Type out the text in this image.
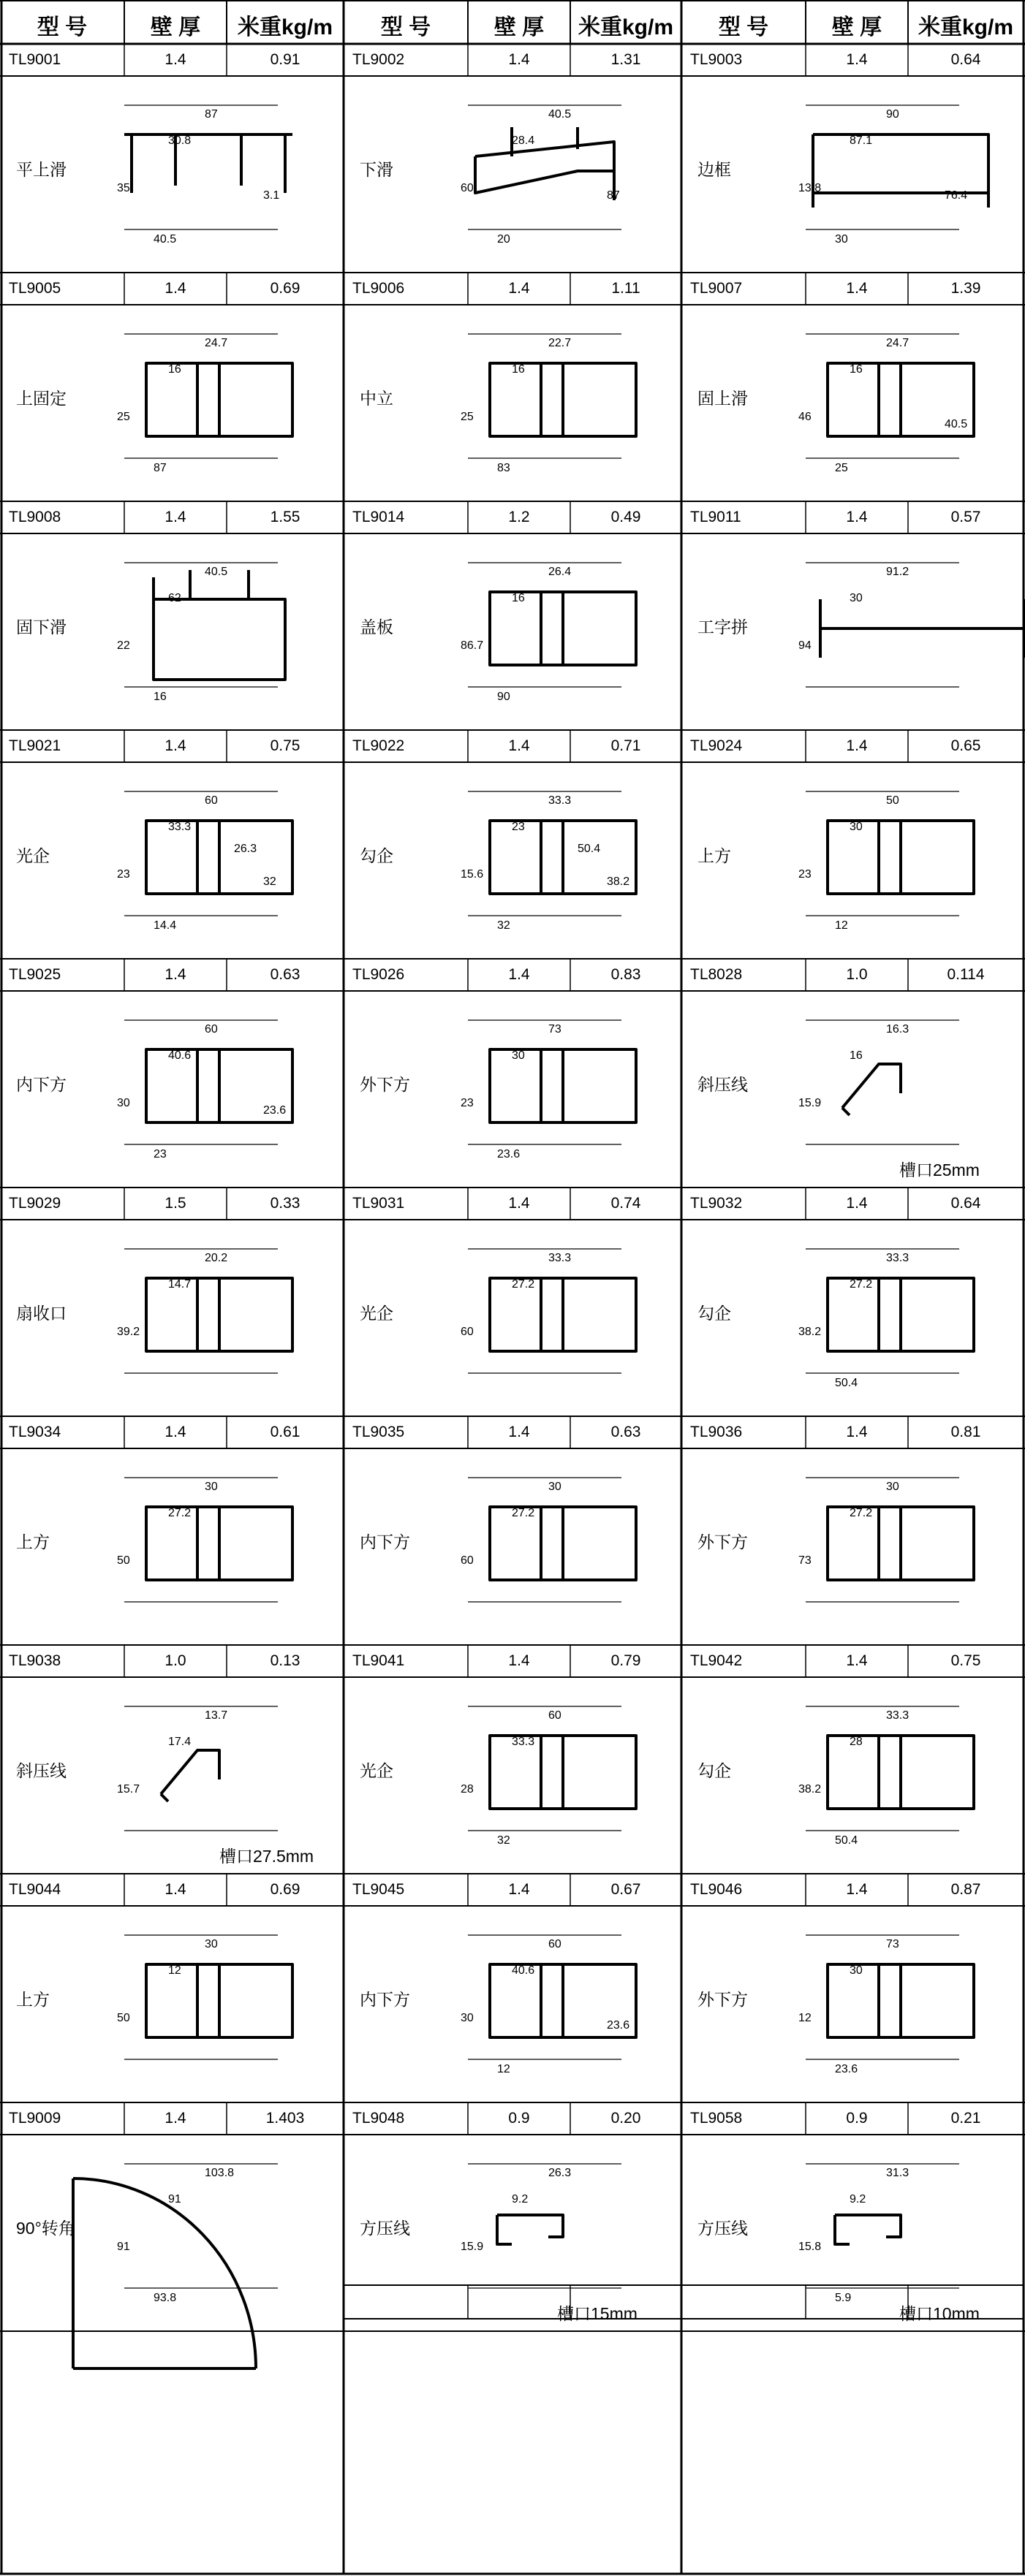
型 号	壁 厚	米重kg/m	型 号	壁 厚	米重kg/m	型 号	壁 厚	米重kg/m
TL9001	1.4	0.91
平上滑
87
30.8
35
40.5
3.1
TL9002	1.4	1.31
下滑
40.5
28.4
60
20
87
TL9003	1.4	0.64
边框
90
87.1
13.8
30
76.4
TL9005	1.4	0.69
上固定
24.7
16
25
87
TL9006	1.4	1.11
中立
22.7
16
25
83
TL9007	1.4	1.39
固上滑
24.7
16
46
25
40.5
TL9008	1.4	1.55
固下滑
40.5
62
22
16
TL9014	1.2	0.49
盖板
26.4
16
86.7
90
TL9011	1.4	0.57
工字拼
91.2
30
94
TL9021	1.4	0.75
光企
60
33.3
23
14.4
32
26.3
TL9022	1.4	0.71
勾企
33.3
23
15.6
32
38.2
50.4
TL9024	1.4	0.65
上方
50
30
23
12
TL9025	1.4	0.63
内下方
60
40.6
30
23
23.6
TL9026	1.4	0.83
外下方
73
30
23
23.6
TL8028	1.0	0.114
斜压线
16.3
16
15.9
槽口25mm
TL9029	1.5	0.33
扇收口
20.2
14.7
39.2
TL9031	1.4	0.74
光企
33.3
27.2
60
TL9032	1.4	0.64
勾企
33.3
27.2
38.2
50.4
TL9034	1.4	0.61
上方
30
27.2
50
TL9035	1.4	0.63
内下方
30
27.2
60
TL9036	1.4	0.81
外下方
30
27.2
73
TL9038	1.0	0.13
斜压线
13.7
17.4
15.7
槽口27.5mm
TL9041	1.4	0.79
光企
60
33.3
28
32
TL9042	1.4	0.75
勾企
33.3
28
38.2
50.4
TL9044	1.4	0.69
上方
30
12
50
TL9045	1.4	0.67
内下方
60
40.6
30
12
23.6
TL9046	1.4	0.87
外下方
73
30
12
23.6
TL9009	1.4	1.403
90°转角
103.8
91
91
93.8
TL9048	0.9	0.20
方压线
26.3
9.2
15.9
槽口15mm
TL9058	0.9	0.21
方压线
31.3
9.2
15.8
5.9
槽口10mm
